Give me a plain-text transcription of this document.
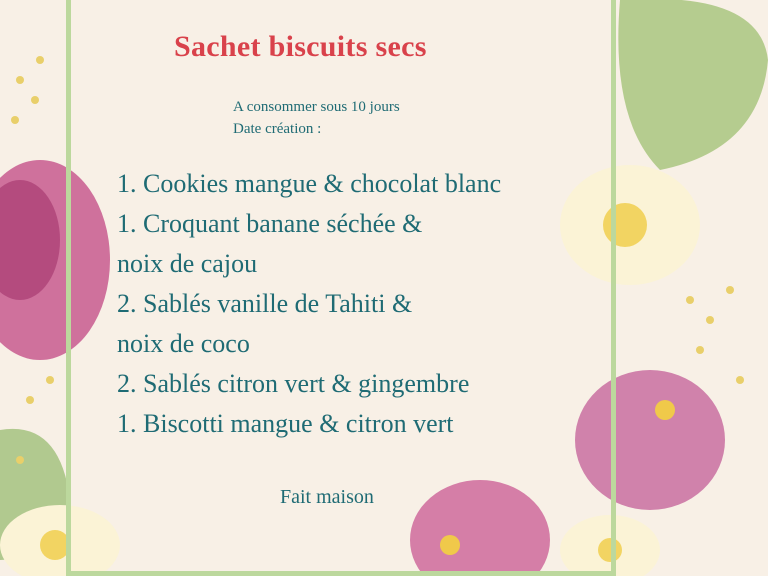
Sachet biscuits secs
A consommer sous 10 jours
Date création :
1. Cookies mangue & chocolat blanc
1. Croquant banane séchée &
noix de cajou
2. Sablés vanille de Tahiti &
noix de coco
2. Sablés citron vert & gingembre
1. Biscotti mangue & citron vert
Fait maison
